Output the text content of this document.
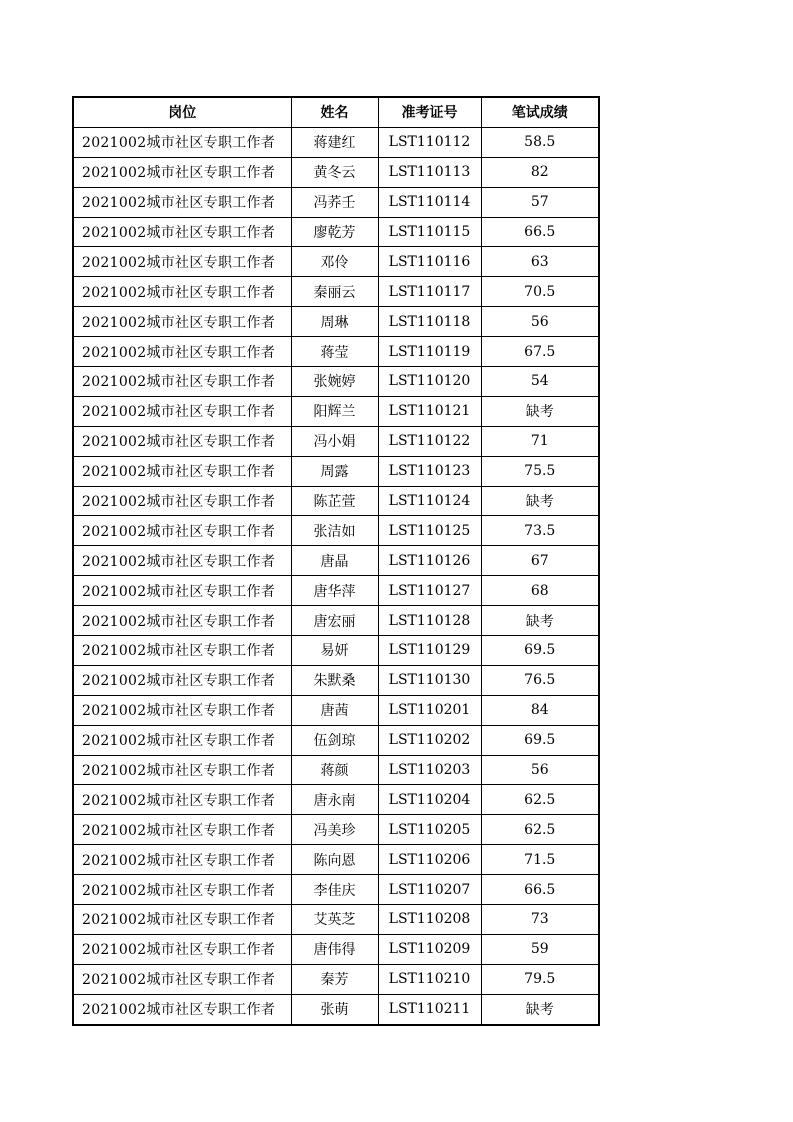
岗位	姓名	准考证号	笔试成绩
2021002城市社区专职工作者	蒋建红	LST110112	58.5
2021002城市社区专职工作者	黄冬云	LST110113	82
2021002城市社区专职工作者	冯荞壬	LST110114	57
2021002城市社区专职工作者	廖乾芳	LST110115	66.5
2021002城市社区专职工作者	邓伶	LST110116	63
2021002城市社区专职工作者	秦丽云	LST110117	70.5
2021002城市社区专职工作者	周琳	LST110118	56
2021002城市社区专职工作者	蒋莹	LST110119	67.5
2021002城市社区专职工作者	张婉婷	LST110120	54
2021002城市社区专职工作者	阳辉兰	LST110121	缺考
2021002城市社区专职工作者	冯小娟	LST110122	71
2021002城市社区专职工作者	周露	LST110123	75.5
2021002城市社区专职工作者	陈芷萱	LST110124	缺考
2021002城市社区专职工作者	张洁如	LST110125	73.5
2021002城市社区专职工作者	唐晶	LST110126	67
2021002城市社区专职工作者	唐华萍	LST110127	68
2021002城市社区专职工作者	唐宏丽	LST110128	缺考
2021002城市社区专职工作者	易妍	LST110129	69.5
2021002城市社区专职工作者	朱默桑	LST110130	76.5
2021002城市社区专职工作者	唐茜	LST110201	84
2021002城市社区专职工作者	伍剑琼	LST110202	69.5
2021002城市社区专职工作者	蒋颜	LST110203	56
2021002城市社区专职工作者	唐永南	LST110204	62.5
2021002城市社区专职工作者	冯美珍	LST110205	62.5
2021002城市社区专职工作者	陈向恩	LST110206	71.5
2021002城市社区专职工作者	李佳庆	LST110207	66.5
2021002城市社区专职工作者	艾英芝	LST110208	73
2021002城市社区专职工作者	唐伟得	LST110209	59
2021002城市社区专职工作者	秦芳	LST110210	79.5
2021002城市社区专职工作者	张萌	LST110211	缺考
